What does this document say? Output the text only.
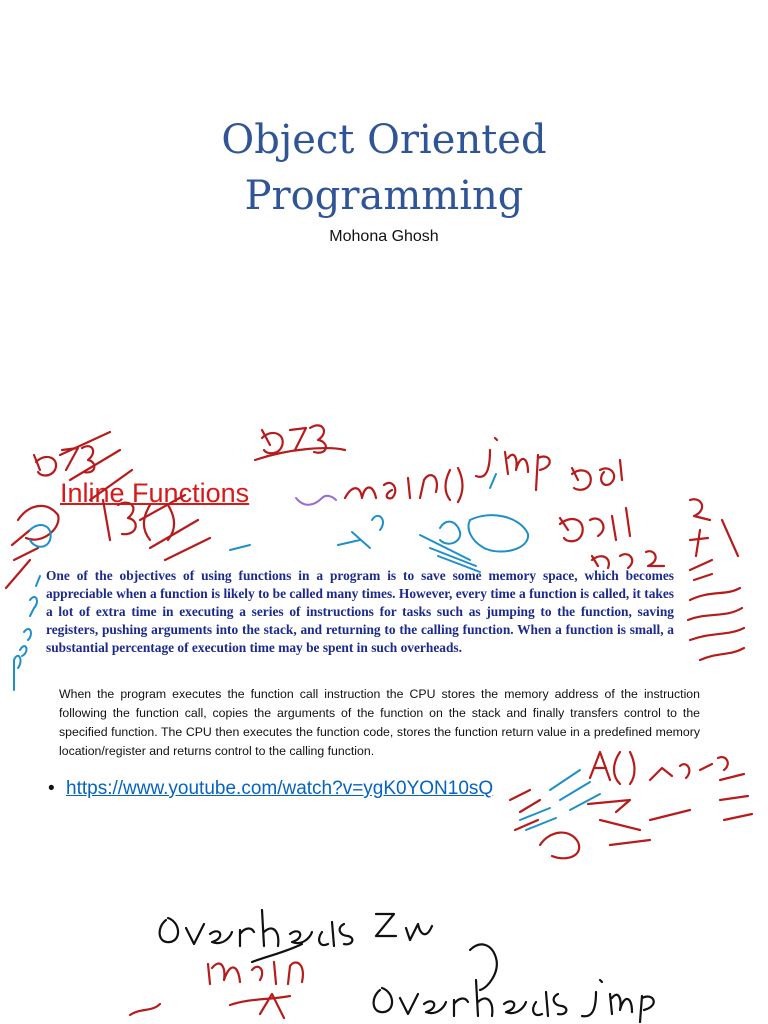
Object Oriented
Programming
Mohona Ghosh
Inline Functions
One of the objectives of using functions in a program is to save some memory space, which becomes appreciable when a function is likely to be called many times. However, every time a function is called, it takes a lot of extra time in executing a series of instructions for tasks such as jumping to the function, saving registers, pushing arguments into the stack, and returning to the calling function. When a function is small, a substantial percentage of execution time may be spent in such overheads.

When the program executes the function call instruction the CPU stores the memory address of the instruction following the function call, copies the arguments of the function on the stack and finally transfers control to the specified function. The CPU then executes the function code, stores the function return value in a predefined memory location/register and returns control to the calling function.

• https://www.youtube.com/watch?v=ygK0YON10sQ
